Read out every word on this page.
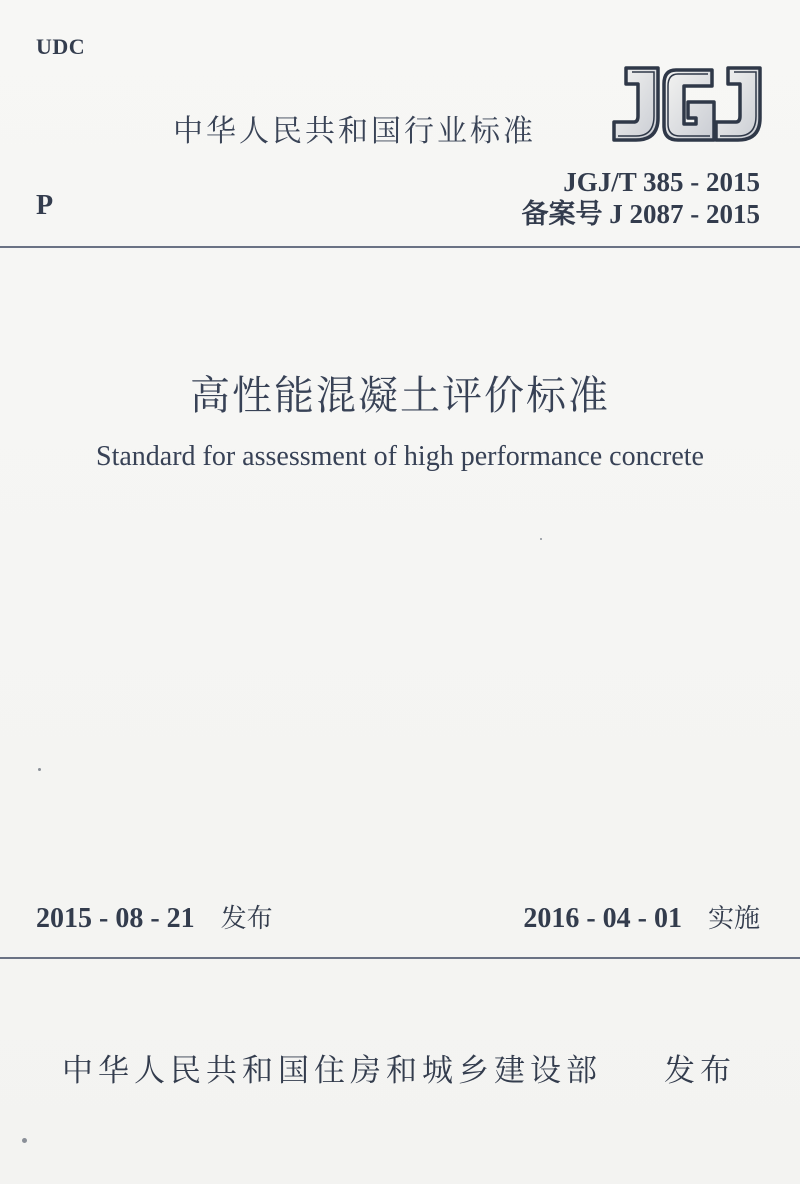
UDC
中华人民共和国行业标准
P
JGJ/T 385 - 2015
备案号 J 2087 - 2015
高性能混凝土评价标准
Standard for assessment of high performance concrete
2015 - 08 - 21 发布	2016 - 04 - 01 实施
中华人民共和国住房和城乡建设部 发布
